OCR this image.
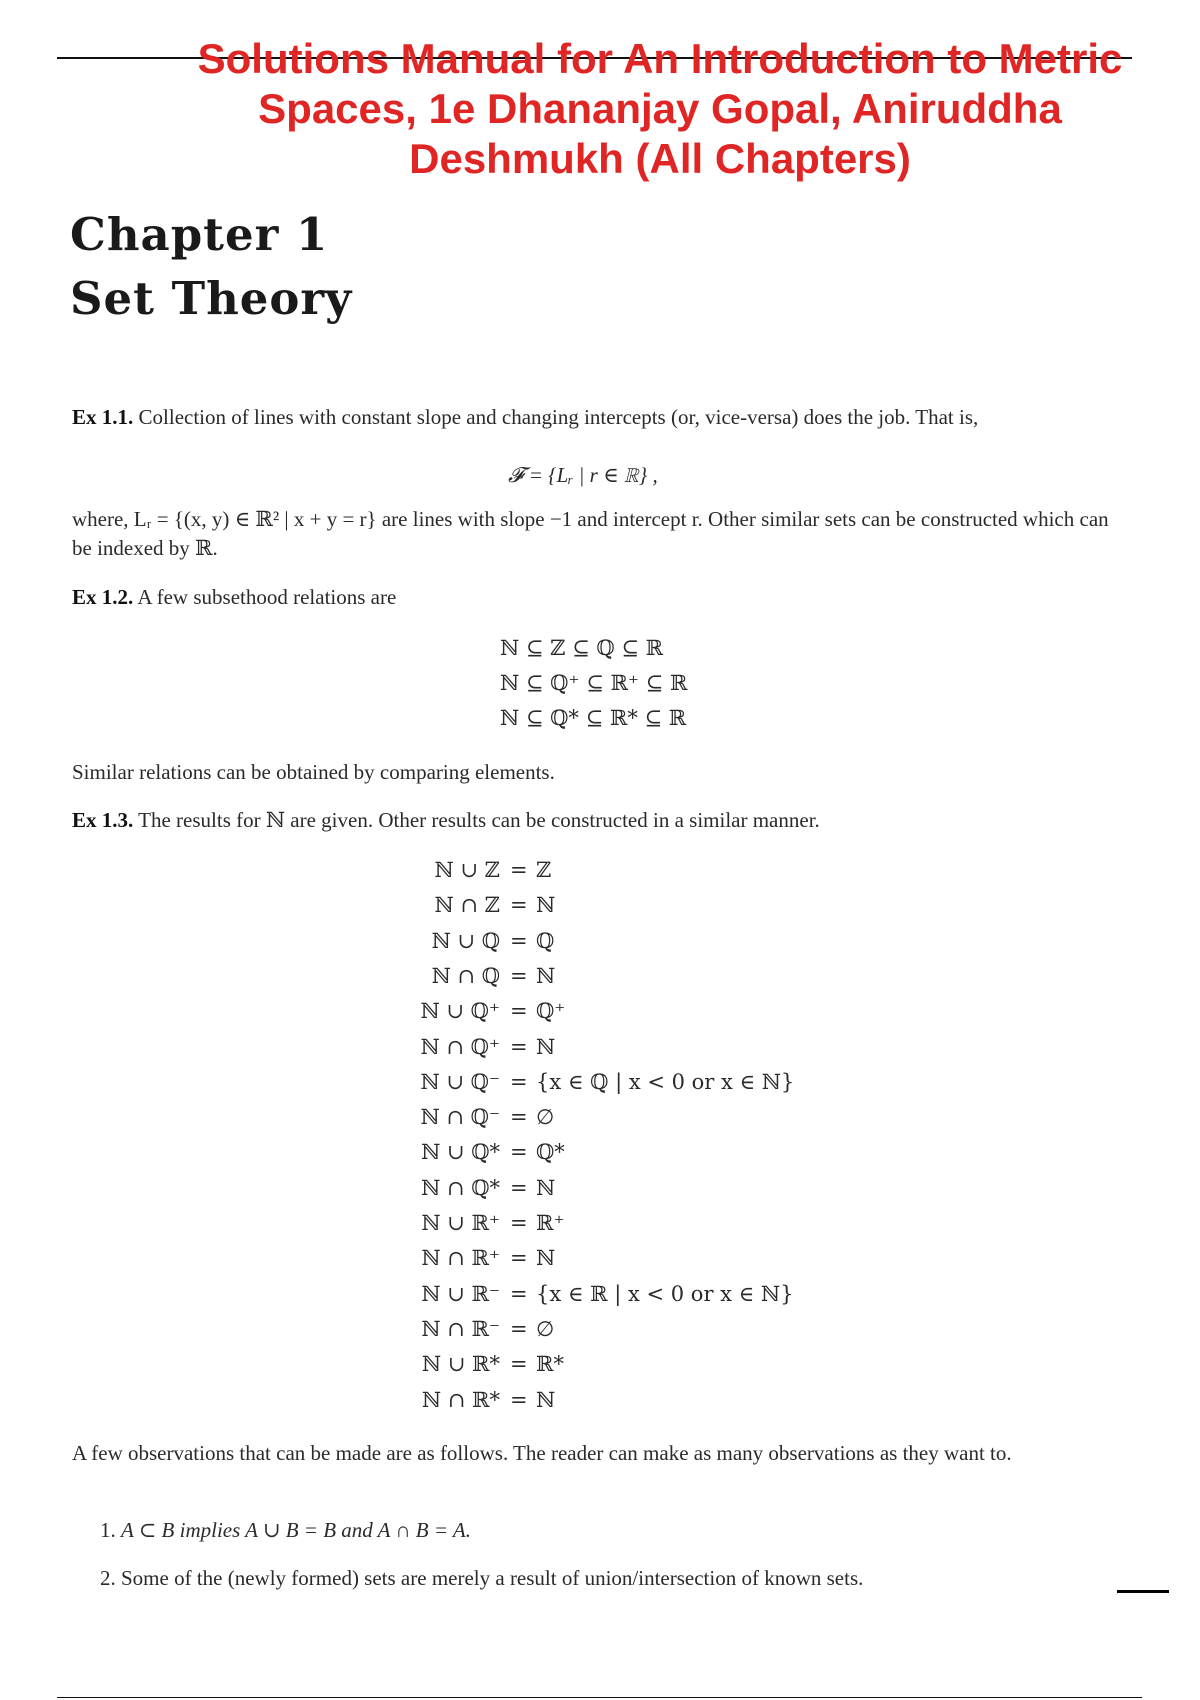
Solutions Manual for An Introduction to Metric Spaces, 1e Dhananjay Gopal, Aniruddha Deshmukh (All Chapters)
Chapter 1
Set Theory
Ex 1.1. Collection of lines with constant slope and changing intercepts (or, vice-versa) does the job. That is,
𝓕 = {Lᵣ | r ∈ ℝ} ,
where, Lᵣ = {(x, y) ∈ ℝ² | x + y = r} are lines with slope −1 and intercept r. Other similar sets can be constructed which can be indexed by ℝ.
Ex 1.2. A few subsethood relations are
ℕ ⊆ ℤ ⊆ ℚ ⊆ ℝ
ℕ ⊆ ℚ⁺ ⊆ ℝ⁺ ⊆ ℝ
ℕ ⊆ ℚ* ⊆ ℝ* ⊆ ℝ
Similar relations can be obtained by comparing elements.
Ex 1.3. The results for ℕ are given. Other results can be constructed in a similar manner.
ℕ ∪ ℤ = ℤ
ℕ ∩ ℤ = ℕ
ℕ ∪ ℚ = ℚ
ℕ ∩ ℚ = ℕ
ℕ ∪ ℚ⁺ = ℚ⁺
ℕ ∩ ℚ⁺ = ℕ
ℕ ∪ ℚ⁻ = {x ∈ ℚ | x < 0 or x ∈ ℕ}
ℕ ∩ ℚ⁻ = ∅
ℕ ∪ ℚ* = ℚ*
ℕ ∩ ℚ* = ℕ
ℕ ∪ ℝ⁺ = ℝ⁺
ℕ ∩ ℝ⁺ = ℕ
ℕ ∪ ℝ⁻ = {x ∈ ℝ | x < 0 or x ∈ ℕ}
ℕ ∩ ℝ⁻ = ∅
ℕ ∪ ℝ* = ℝ*
ℕ ∩ ℝ* = ℕ
A few observations that can be made are as follows. The reader can make as many observations as they want to.
1. A ⊂ B implies A ∪ B = B and A ∩ B = A.
2. Some of the (newly formed) sets are merely a result of union/intersection of known sets.
